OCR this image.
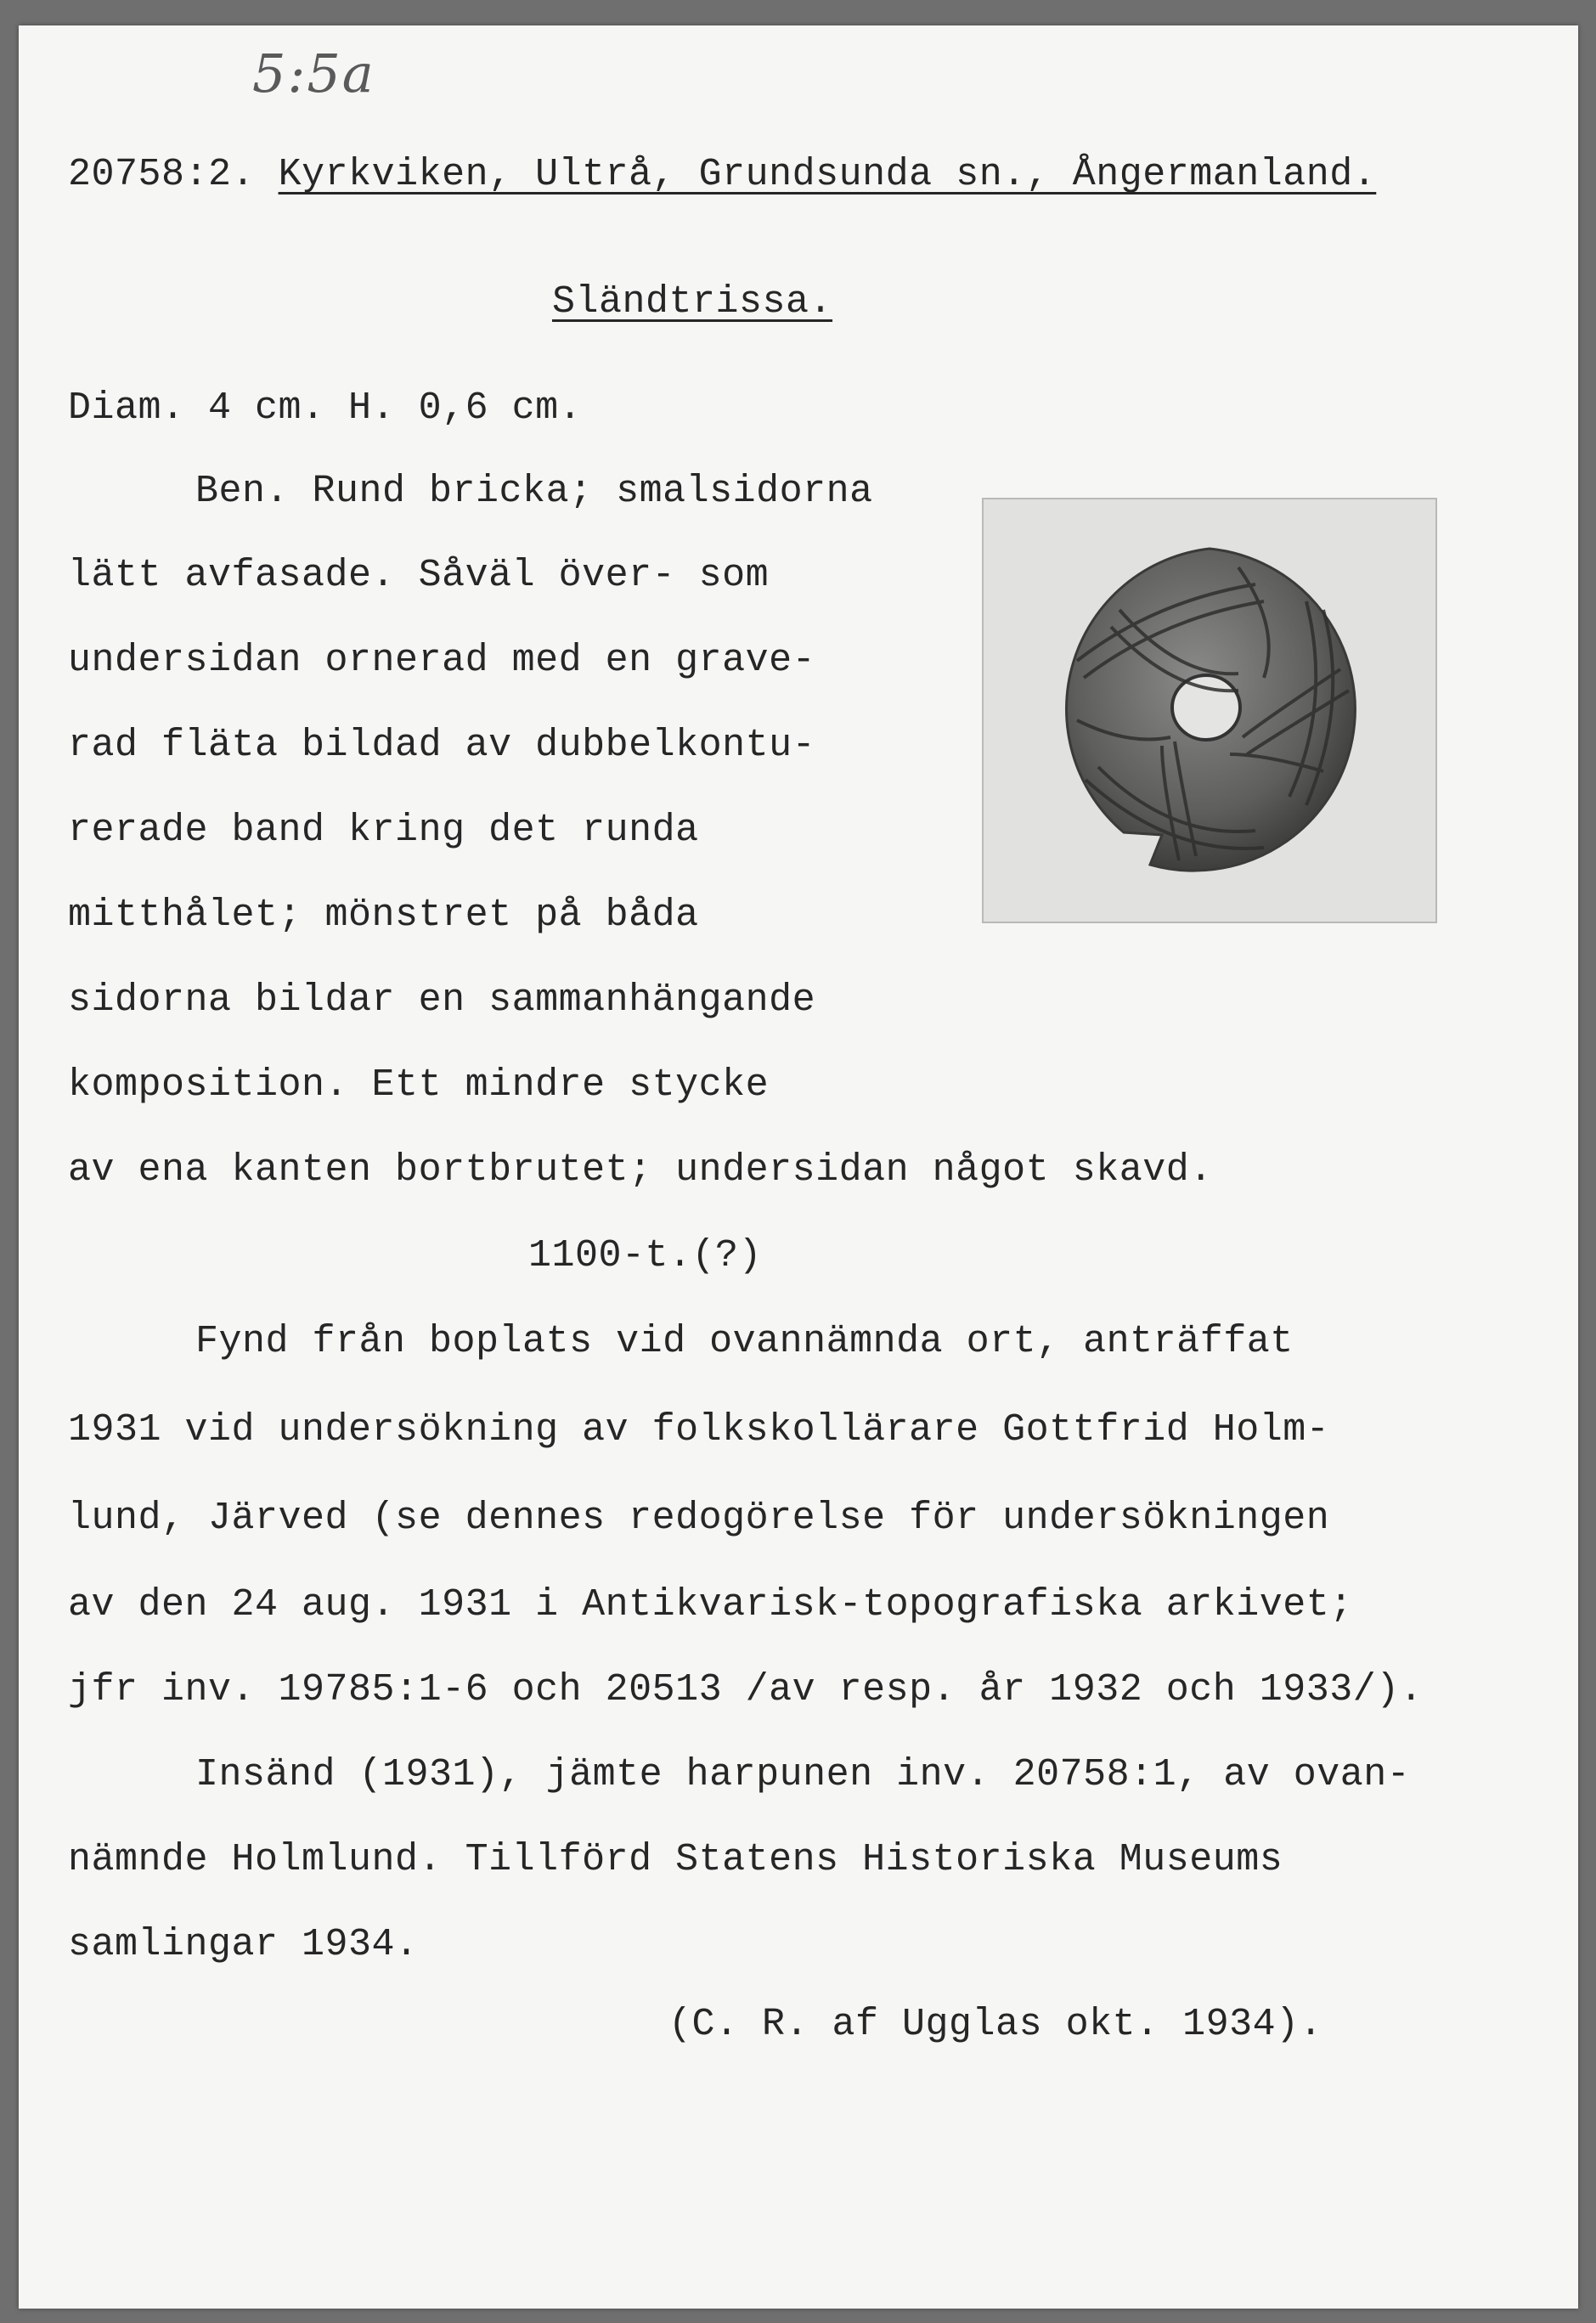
5:5a
20758:2. Kyrkviken, Ultrå, Grundsunda sn., Ångermanland.
Sländtrissa.
Diam. 4 cm. H. 0,6 cm.
Ben. Rund bricka; smalsidorna
lätt avfasade. Såväl över- som
undersidan ornerad med en grave-
rad fläta bildad av dubbelkontu-
rerade band kring det runda
mitthålet; mönstret på båda
sidorna bildar en sammanhängande
komposition. Ett mindre stycke
av ena kanten bortbrutet; undersidan något skavd.
1100-t.(?)
Fynd från boplats vid ovannämnda ort, anträffat
1931 vid undersökning av folkskollärare Gottfrid Holm-
lund, Järved (se dennes redogörelse för undersökningen
av den 24 aug. 1931 i Antikvarisk-topografiska arkivet;
jfr inv. 19785:1-6 och 20513 /av resp. år 1932 och 1933/).
Insänd (1931), jämte harpunen inv. 20758:1, av ovan-
nämnde Holmlund. Tillförd Statens Historiska Museums
samlingar 1934.
(C. R. af Ugglas okt. 1934).
